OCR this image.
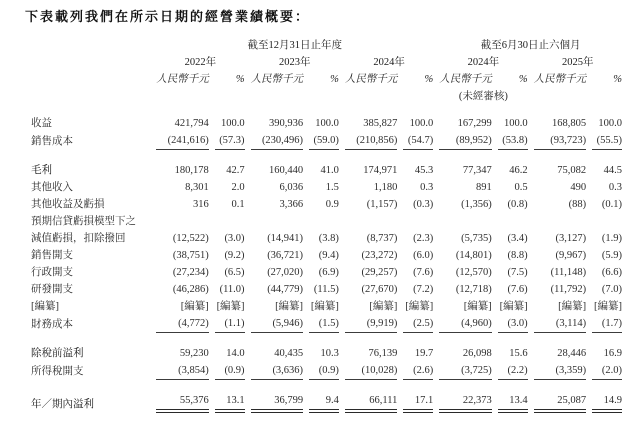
下表載列我們在所示日期的經營業績概要：
	截至12月31日止年度						截至6月30日止六個月			
	2022年		2023年		2024年		2024年		2025年	
	人民幣千元	%	人民幣千元	%	人民幣千元	%	人民幣千元	%	人民幣千元	%
							(未經審核)			

收益	421,794	100.0	390,936	100.0	385,827	100.0	167,299	100.0	168,805	100.0
銷售成本	(241,616)	(57.3)	(230,496)	(59.0)	(210,856)	(54.7)	(89,952)	(53.8)	(93,723)	(55.5)

毛利	180,178	42.7	160,440	41.0	174,971	45.3	77,347	46.2	75,082	44.5
其他收入	8,301	2.0	6,036	1.5	1,180	0.3	891	0.5	490	0.3
其他收益及虧損	316	0.1	3,366	0.9	(1,157)	(0.3)	(1,356)	(0.8)	(88)	(0.1)
預期信貸虧損模型下之										
減值虧損，扣除撥回	(12,522)	(3.0)	(14,941)	(3.8)	(8,737)	(2.3)	(5,735)	(3.4)	(3,127)	(1.9)
銷售開支	(38,751)	(9.2)	(36,721)	(9.4)	(23,272)	(6.0)	(14,801)	(8.8)	(9,967)	(5.9)
行政開支	(27,234)	(6.5)	(27,020)	(6.9)	(29,257)	(7.6)	(12,570)	(7.5)	(11,148)	(6.6)
研發開支	(46,286)	(11.0)	(44,779)	(11.5)	(27,670)	(7.2)	(12,718)	(7.6)	(11,792)	(7.0)
[編纂]	[編纂]	[編纂]	[編纂]	[編纂]	[編纂]	[編纂]	[編纂]	[編纂]	[編纂]	[編纂]
財務成本	(4,772)	(1.1)	(5,946)	(1.5)	(9,919)	(2.5)	(4,960)	(3.0)	(3,114)	(1.7)

除稅前溢利	59,230	14.0	40,435	10.3	76,139	19.7	26,098	15.6	28,446	16.9
所得稅開支	(3,854)	(0.9)	(3,636)	(0.9)	(10,028)	(2.6)	(3,725)	(2.2)	(3,359)	(2.0)

年／期內溢利	55,376	13.1	36,799	9.4	66,111	17.1	22,373	13.4	25,087	14.9
